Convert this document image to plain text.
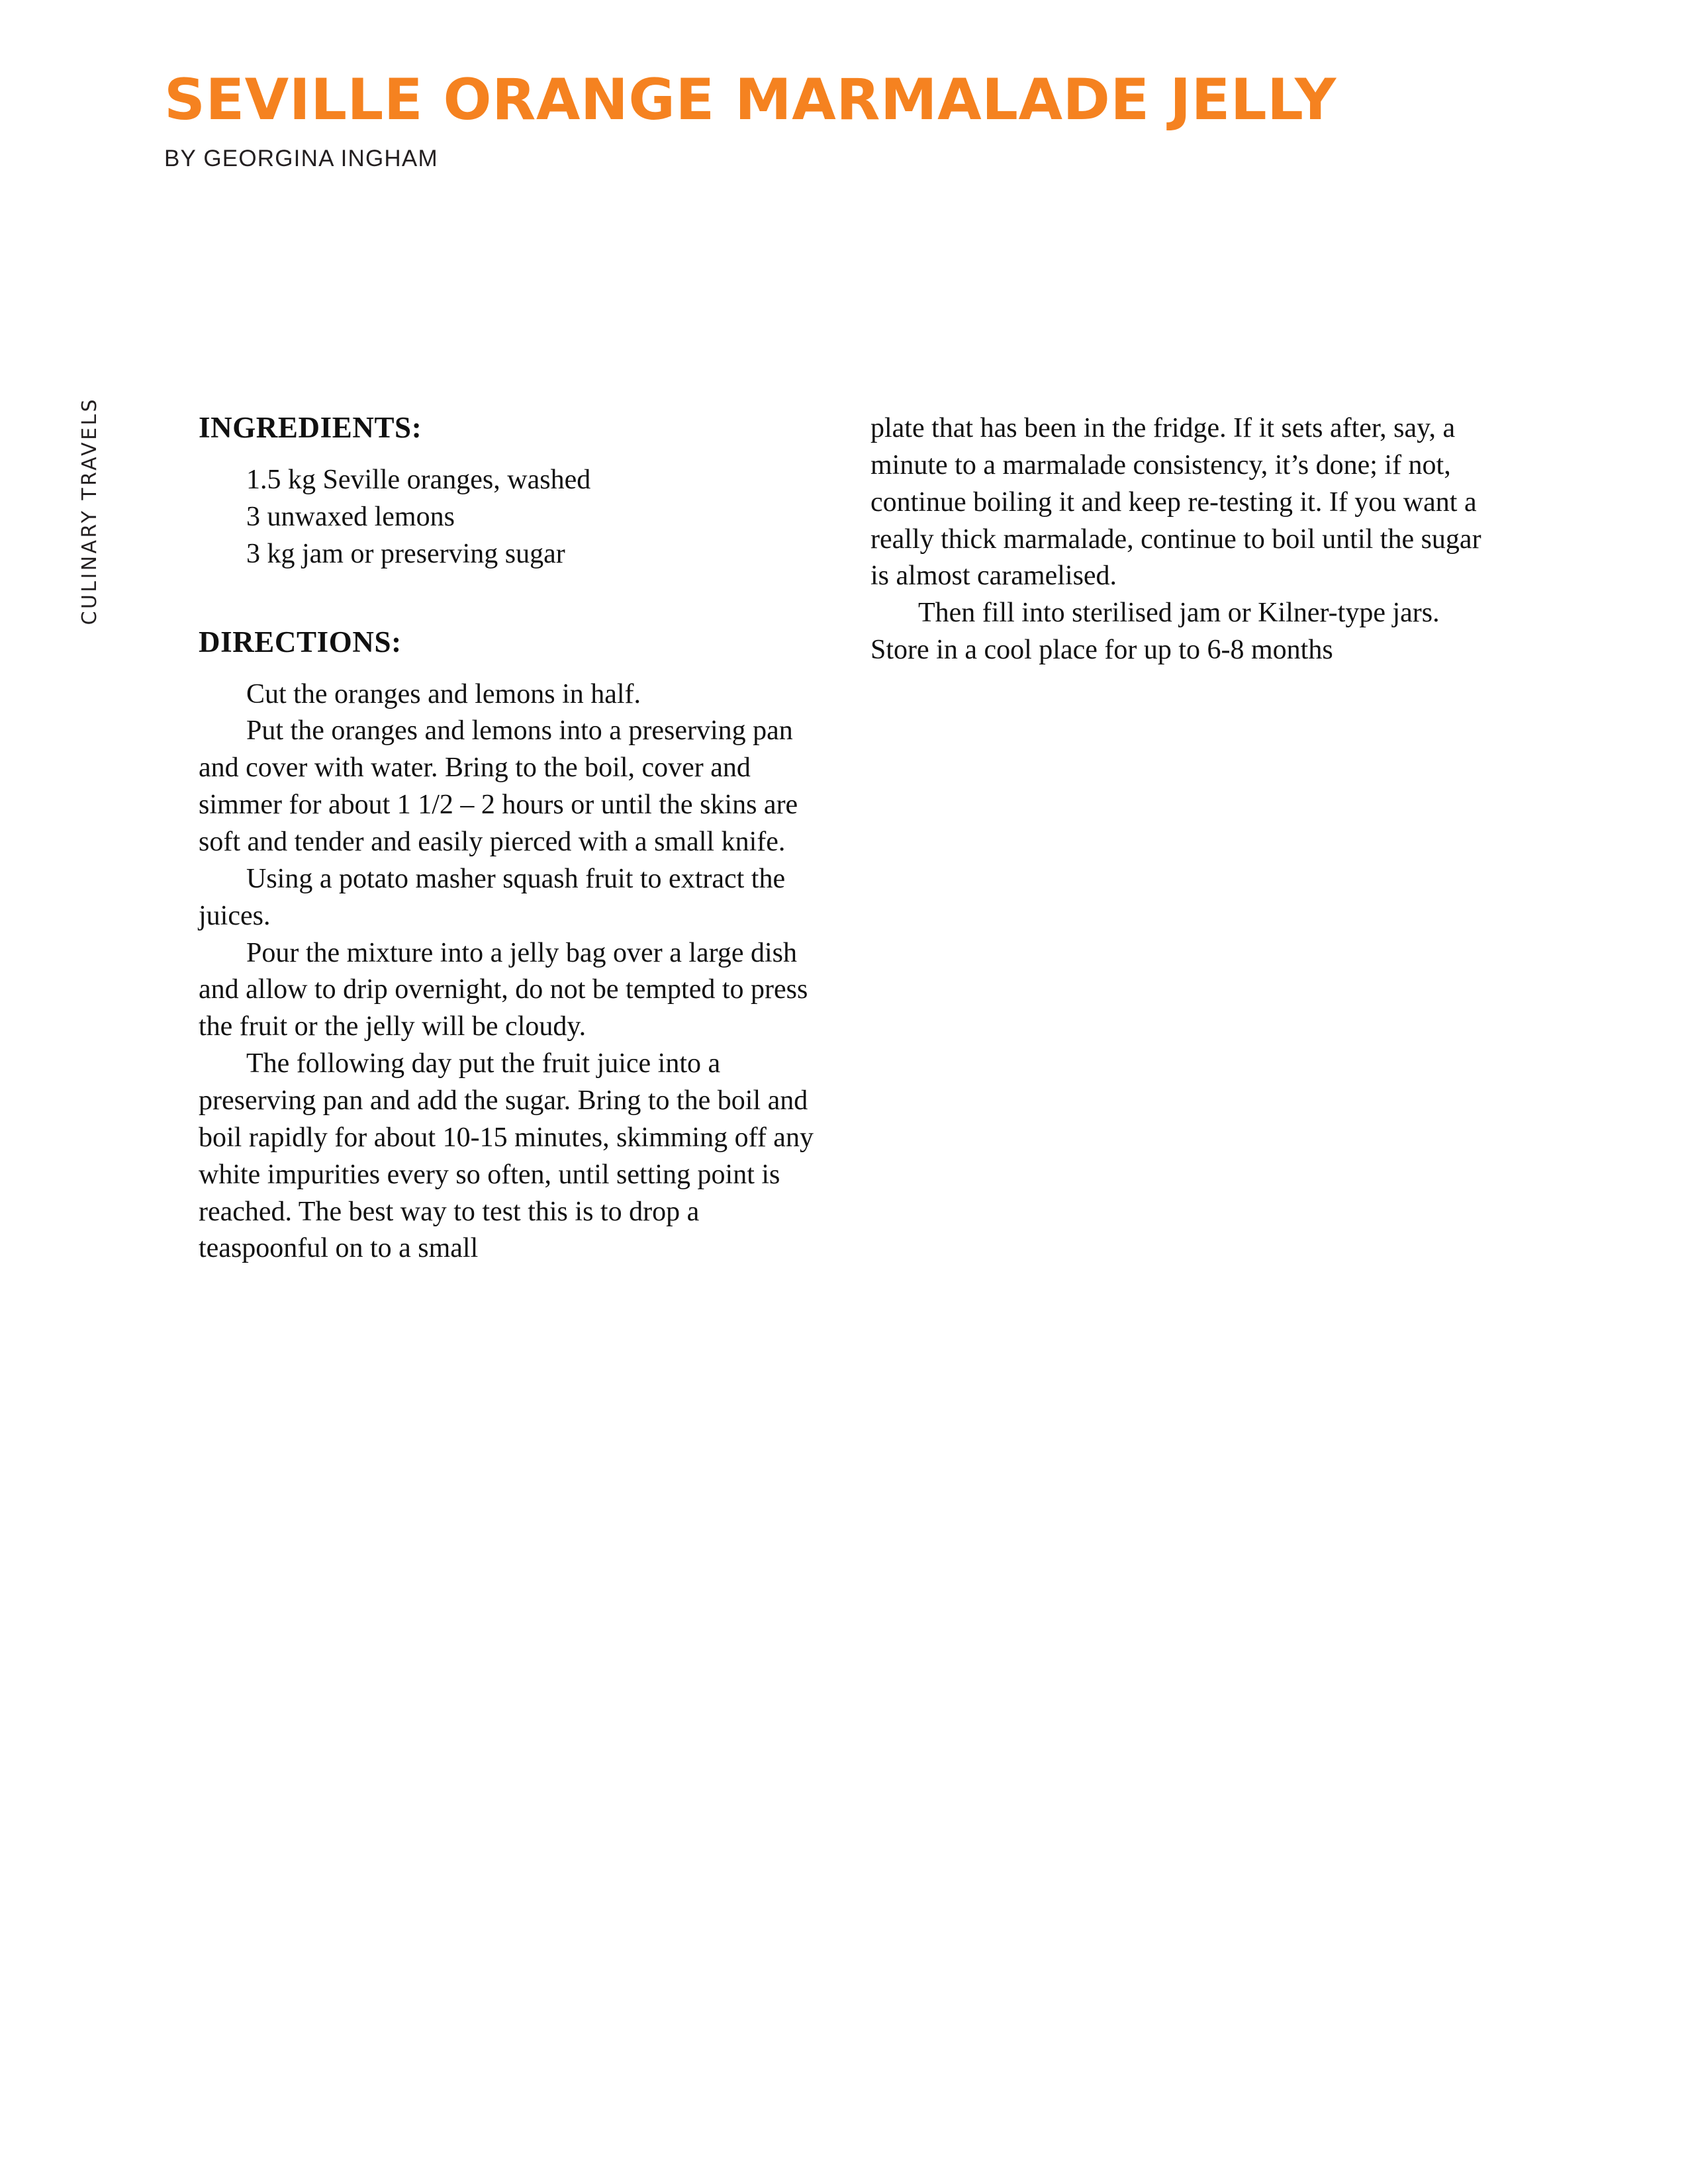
SEVILLE ORANGE MARMALADE JELLY
BY GEORGINA INGHAM
CULINARY TRAVELS	INGREDIENTS:
1.5 kg Seville oranges, washed
3 unwaxed lemons
3 kg jam or preserving sugar
DIRECTIONS:

Cut the oranges and lemons in half.

Put the oranges and lemons into a preserving pan and cover with water. Bring to the boil, cover and simmer for about 1 1/2 – 2 hours or until the skins are soft and tender and easily pierced with a small knife.

Using a potato masher squash fruit to extract the juices.

Pour the mixture into a jelly bag over a large dish and allow to drip overnight, do not be tempted to press the fruit or the jelly will be cloudy.

The following day put the fruit juice into a preserving pan and add the sugar. Bring to the boil and boil rapidly for about 10-15 minutes, skimming off any white impurities every so often, until setting point is reached. The best way to test this is to drop a teaspoonful on to a small

plate that has been in the fridge. If it sets after, say, a minute to a marmalade consistency, it’s done; if not, continue boiling it and keep re-testing it. If you want a really thick marmalade, continue to boil until the sugar is almost caramelised.

Then fill into sterilised jam or Kilner-type jars. Store in a cool place for up to 6-8 months
